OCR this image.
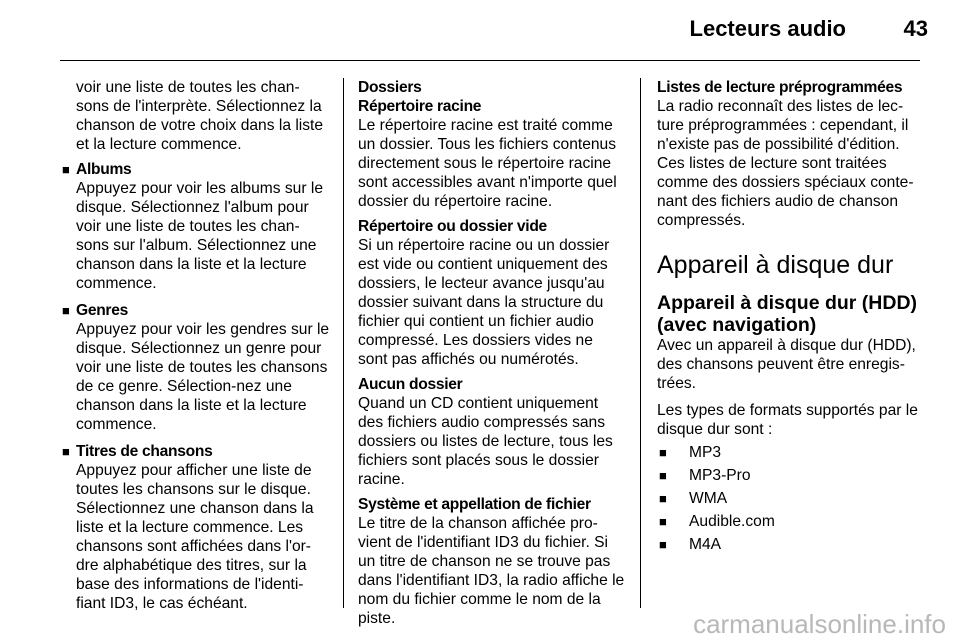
Lecteurs audio	43

voir une liste de toutes les chan-sons de l'interprète. Sélectionnez la chanson de votre choix dans la liste et la lecture commence.

■ Albums
Appuyez pour voir les albums sur le disque. Sélectionnez l'album pour voir une liste de toutes les chan-sons sur l'album. Sélectionnez une chanson dans la liste et la lecture commence.
■ Genres
Appuyez pour voir les gendres sur le disque. Sélectionnez un genre pour voir une liste de toutes les chansons de ce genre. Sélection-nez une chanson dans la liste et la lecture commence.
■ Titres de chansons
Appuyez pour afficher une liste de toutes les chansons sur le disque. Sélectionnez une chanson dans la liste et la lecture commence. Les chansons sont affichées dans l'or-dre alphabétique des titres, sur la base des informations de l'identi-fiant ID3, le cas échéant.
Dossiers
Répertoire racine

Le répertoire racine est traité comme un dossier. Tous les fichiers contenus directement sous le répertoire racine sont accessibles avant n'importe quel dossier du répertoire racine.

Répertoire ou dossier vide

Si un répertoire racine ou un dossier est vide ou contient uniquement des dossiers, le lecteur avance jusqu'au dossier suivant dans la structure du fichier qui contient un fichier audio compressé. Les dossiers vides ne sont pas affichés ou numérotés.

Aucun dossier

Quand un CD contient uniquement des fichiers audio compressés sans dossiers ou listes de lecture, tous les fichiers sont placés sous le dossier racine.

Système et appellation de fichier

Le titre de la chanson affichée pro-vient de l'identifiant ID3 du fichier. Si un titre de chanson ne se trouve pas dans l'identifiant ID3, la radio affiche le nom du fichier comme le nom de la piste.

Listes de lecture préprogrammées

La radio reconnaît des listes de lec-ture préprogrammées : cependant, il n'existe pas de possibilité d'édition. Ces listes de lecture sont traitées comme des dossiers spéciaux conte-nant des fichiers audio de chanson compressés.

Appareil à disque dur
Appareil à disque dur (HDD) (avec navigation)

Avec un appareil à disque dur (HDD), des chansons peuvent être enregis-trées.

Les types de formats supportés par le disque dur sont :

■ MP3
■ MP3-Pro
■ WMA
■ Audible.com
■ M4A
carmanualsonline.info
